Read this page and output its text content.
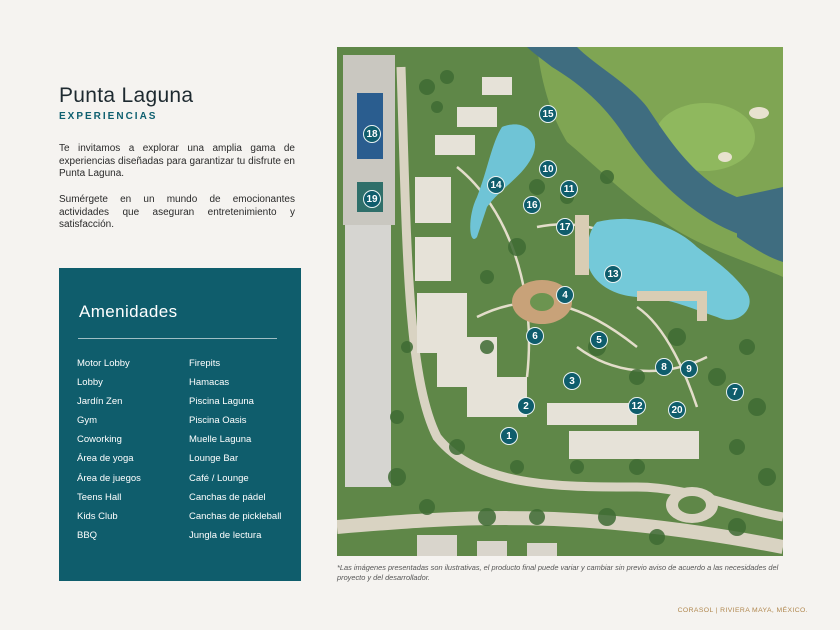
Punta Laguna
EXPERIENCIAS

Te invitamos a explorar una amplia gama de experiencias diseñadas para garantizar tu disfrute en Punta Laguna.

Sumérgete en un mundo de emocionantes actividades que aseguran entretenimiento y satisfacción.

Amenidades
Motor Lobby
Lobby
Jardín Zen
Gym
Coworking
Área de yoga
Área de juegos
Teens Hall
Kids Club
BBQ
Firepits
Hamacas
Piscina Laguna
Piscina Oasis
Muelle Laguna
Lounge Bar
Café / Lounge
Canchas de pádel
Canchas de pickleball
Jungla de lectura
1
2
3
4
5
6
7
8	9
10
11
12
13
14
15
16
17
18
19
20
*Las imágenes presentadas son ilustrativas, el producto final puede variar y cambiar sin previo aviso de acuerdo a las necesidades del proyecto y del desarrollador.
CORASOL | RIVIERA MAYA, MÉXICO.
